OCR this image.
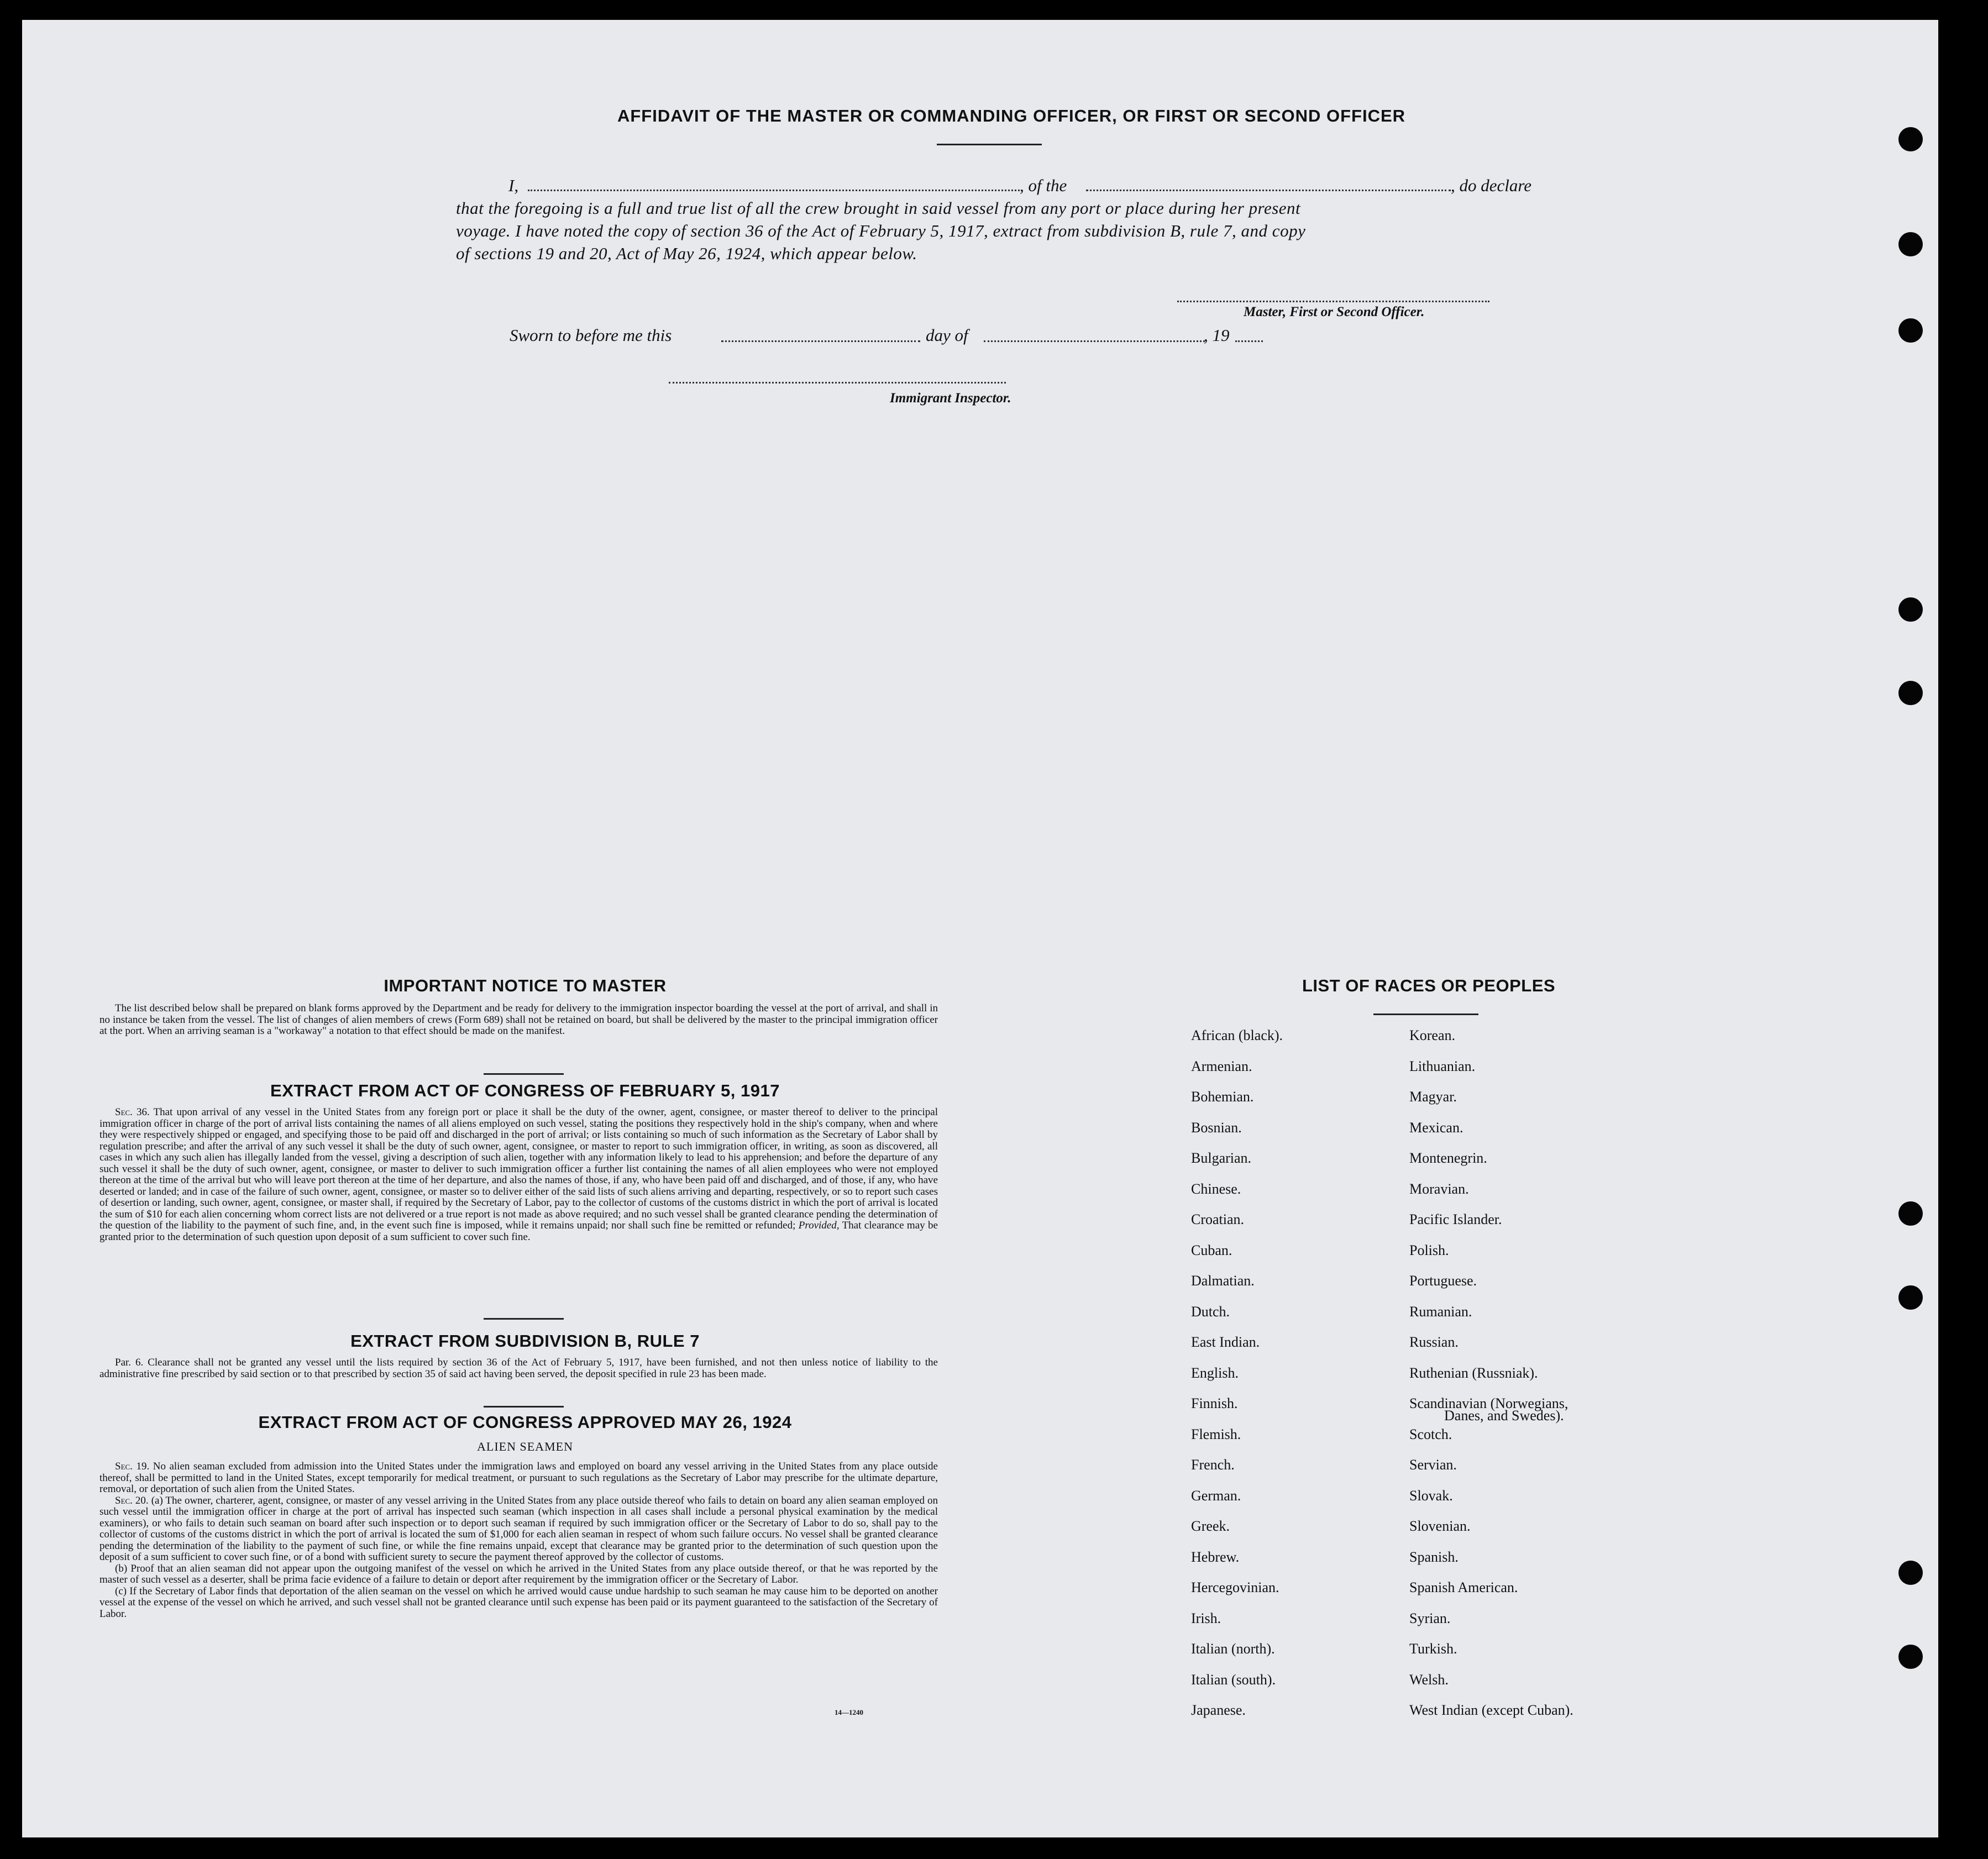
AFFIDAVIT OF THE MASTER OR COMMANDING OFFICER, OR FIRST OR SECOND OFFICER
I,	, of the	, do declare
that the foregoing is a full and true list of all the crew brought in said vessel from any port or place during her present
voyage. I have noted the copy of section 36 of the Act of February 5, 1917, extract from subdivision B, rule 7, and copy
of sections 19 and 20, Act of May 26, 1924, which appear below.
Master, First or Second Officer.
Sworn to before me this	day of	, 19
Immigrant Inspector.
IMPORTANT NOTICE TO MASTER

The list described below shall be prepared on blank forms approved by the Department and be ready for delivery to the immigration inspector boarding the vessel at the port of arrival, and shall in no instance be taken from the vessel. The list of changes of alien members of crews (Form 689) shall not be retained on board, but shall be delivered by the master to the principal immigration officer at the port. When an arriving seaman is a "workaway" a notation to that effect should be made on the manifest.

EXTRACT FROM ACT OF CONGRESS OF FEBRUARY 5, 1917

Sec. 36. That upon arrival of any vessel in the United States from any foreign port or place it shall be the duty of the owner, agent, consignee, or master thereof to deliver to the principal immigration officer in charge of the port of arrival lists containing the names of all aliens employed on such vessel, stating the positions they respectively hold in the ship's company, when and where they were respectively shipped or engaged, and specifying those to be paid off and discharged in the port of arrival; or lists containing so much of such information as the Secretary of Labor shall by regulation prescribe; and after the arrival of any such vessel it shall be the duty of such owner, agent, consignee, or master to report to such immigration officer, in writing, as soon as discovered, all cases in which any such alien has illegally landed from the vessel, giving a description of such alien, together with any information likely to lead to his apprehension; and before the departure of any such vessel it shall be the duty of such owner, agent, consignee, or master to deliver to such immigration officer a further list containing the names of all alien employees who were not employed thereon at the time of the arrival but who will leave port thereon at the time of her departure, and also the names of those, if any, who have been paid off and discharged, and of those, if any, who have deserted or landed; and in case of the failure of such owner, agent, consignee, or master so to deliver either of the said lists of such aliens arriving and departing, respectively, or so to report such cases of desertion or landing, such owner, agent, consignee, or master shall, if required by the Secretary of Labor, pay to the collector of customs of the customs district in which the port of arrival is located the sum of $10 for each alien concerning whom correct lists are not delivered or a true report is not made as above required; and no such vessel shall be granted clearance pending the determination of the question of the liability to the payment of such fine, and, in the event such fine is imposed, while it remains unpaid; nor shall such fine be remitted or refunded; Provided, That clearance may be granted prior to the determination of such question upon deposit of a sum sufficient to cover such fine.

EXTRACT FROM SUBDIVISION B, RULE 7

Par. 6. Clearance shall not be granted any vessel until the lists required by section 36 of the Act of February 5, 1917, have been furnished, and not then unless notice of liability to the administrative fine prescribed by said section or to that prescribed by section 35 of said act having been served, the deposit specified in rule 23 has been made.

EXTRACT FROM ACT OF CONGRESS APPROVED MAY 26, 1924
ALIEN SEAMEN

Sec. 19. No alien seaman excluded from admission into the United States under the immigration laws and employed on board any vessel arriving in the United States from any place outside thereof, shall be permitted to land in the United States, except temporarily for medical treatment, or pursuant to such regulations as the Secretary of Labor may prescribe for the ultimate departure, removal, or deportation of such alien from the United States.

Sec. 20. (a) The owner, charterer, agent, consignee, or master of any vessel arriving in the United States from any place outside thereof who fails to detain on board any alien seaman employed on such vessel until the immigration officer in charge at the port of arrival has inspected such seaman (which inspection in all cases shall include a personal physical examination by the medical examiners), or who fails to detain such seaman on board after such inspection or to deport such seaman if required by such immigration officer or the Secretary of Labor to do so, shall pay to the collector of customs of the customs district in which the port of arrival is located the sum of $1,000 for each alien seaman in respect of whom such failure occurs. No vessel shall be granted clearance pending the determination of the liability to the payment of such fine, or while the fine remains unpaid, except that clearance may be granted prior to the determination of such question upon the deposit of a sum sufficient to cover such fine, or of a bond with sufficient surety to secure the payment thereof approved by the collector of customs.

(b) Proof that an alien seaman did not appear upon the outgoing manifest of the vessel on which he arrived in the United States from any place outside thereof, or that he was reported by the master of such vessel as a deserter, shall be prima facie evidence of a failure to detain or deport after requirement by the immigration officer or the Secretary of Labor.

(c) If the Secretary of Labor finds that deportation of the alien seaman on the vessel on which he arrived would cause undue hardship to such seaman he may cause him to be deported on another vessel at the expense of the vessel on which he arrived, and such vessel shall not be granted clearance until such expense has been paid or its payment guaranteed to the satisfaction of the Secretary of Labor.

14—1240
LIST OF RACES OR PEOPLES
African (black).
Armenian.
Bohemian.
Bosnian.
Bulgarian.
Chinese.
Croatian.
Cuban.
Dalmatian.
Dutch.
East Indian.
English.
Finnish.
Flemish.
French.
German.
Greek.
Hebrew.
Hercegovinian.
Irish.
Italian (north).
Italian (south).
Japanese.
Korean.
Lithuanian.
Magyar.
Mexican.
Montenegrin.
Moravian.
Pacific Islander.
Polish.
Portuguese.
Rumanian.
Russian.
Ruthenian (Russniak).
Scandinavian (Norwegians,
Scotch.
Servian.
Slovak.
Slovenian.
Spanish.
Spanish American.
Syrian.
Turkish.
Welsh.
West Indian (except Cuban).
Danes, and Swedes).
